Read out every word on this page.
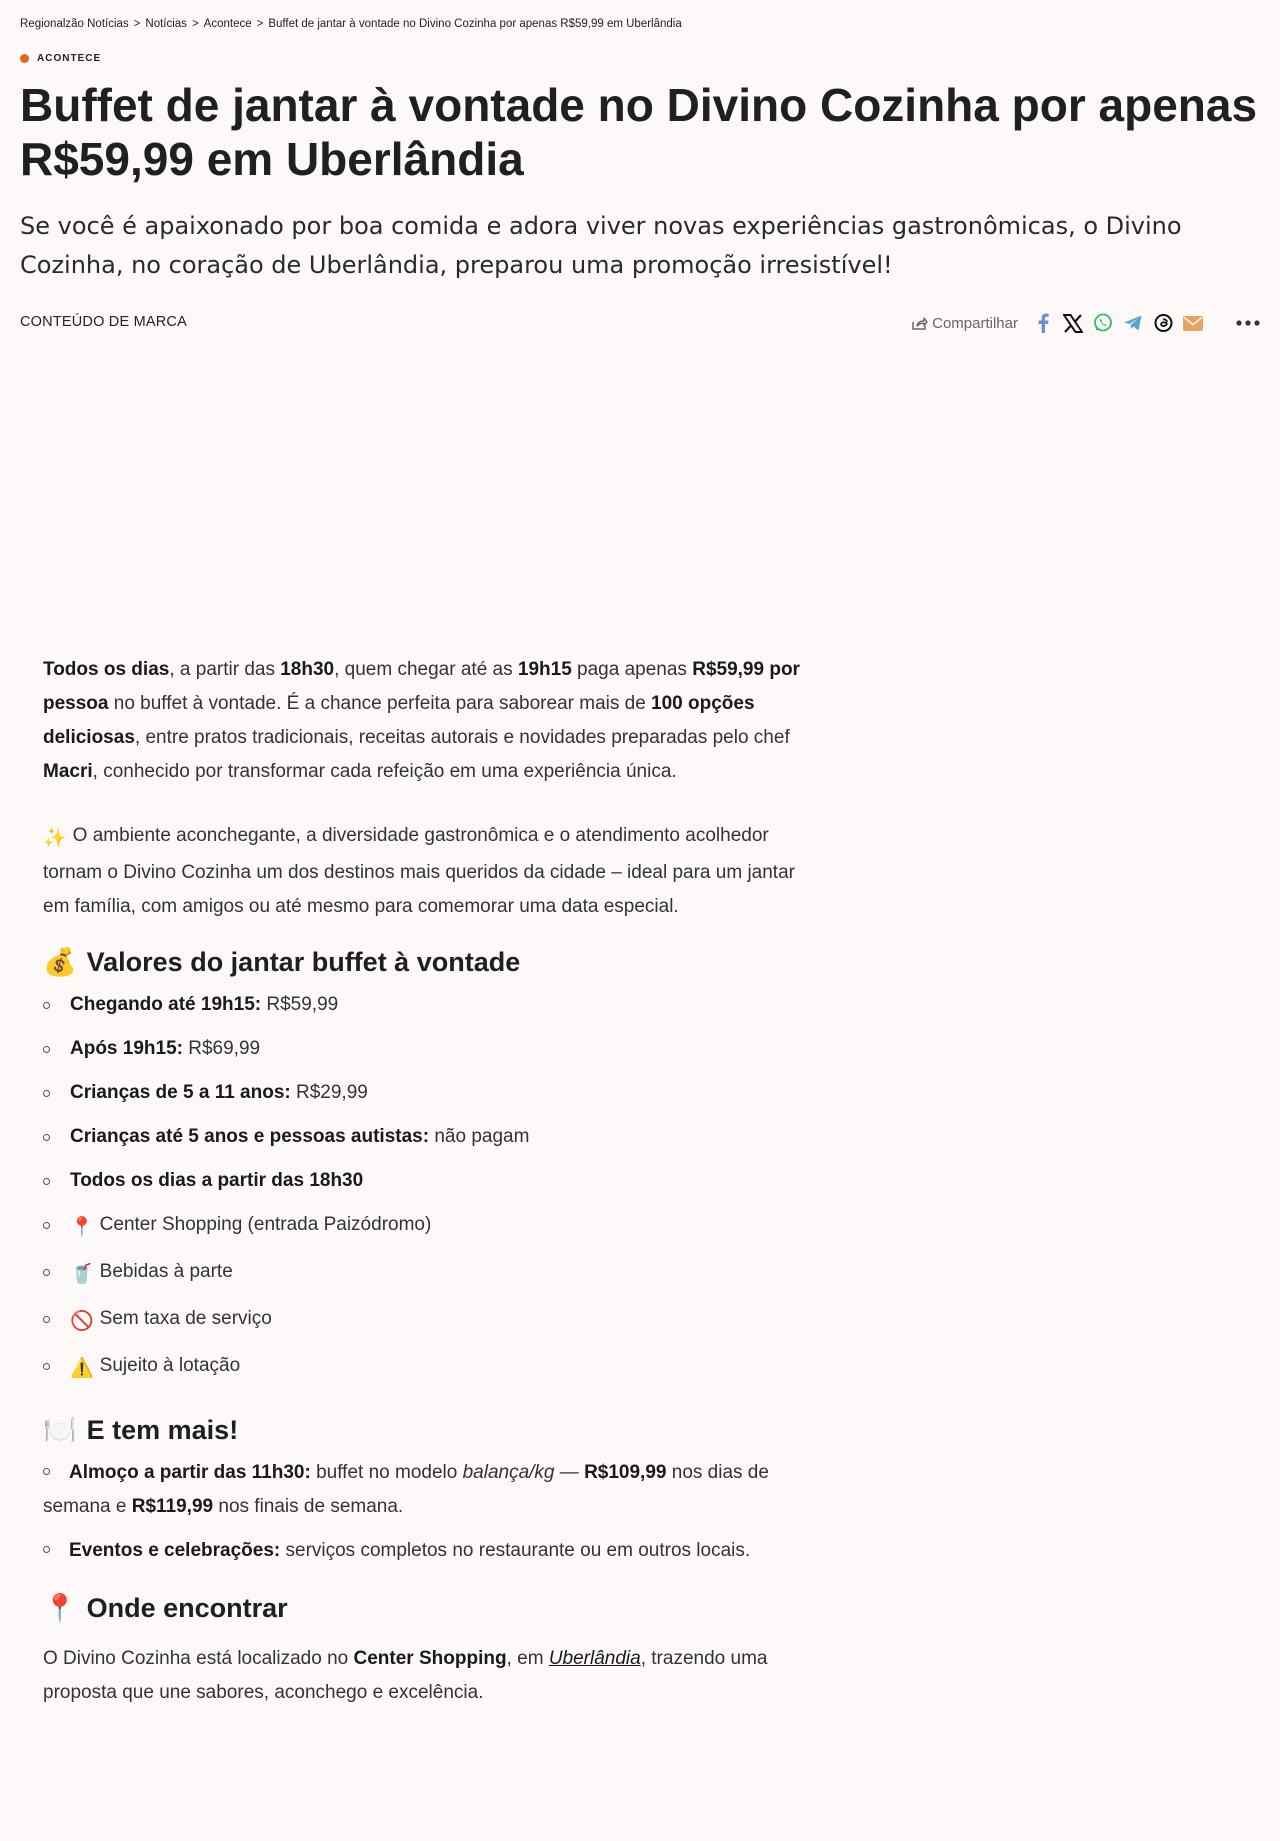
Regionalzão Notícias > Notícias > Acontece > Buffet de jantar à vontade no Divino Cozinha por apenas R$59,99 em Uberlândia
ACONTECE
Buffet de jantar à vontade no Divino Cozinha por apenas R$59,99 em Uberlândia

Se você é apaixonado por boa comida e adora viver novas experiências gastronômicas, o Divino Cozinha, no coração de Uberlândia, preparou uma promoção irresistível!

CONTEÚDO DE MARCA	Compartilhar

Todos os dias, a partir das 18h30, quem chegar até as 19h15 paga apenas R$59,99 por pessoa no buffet à vontade. É a chance perfeita para saborear mais de 100 opções deliciosas, entre pratos tradicionais, receitas autorais e novidades preparadas pelo chef Macri, conhecido por transformar cada refeição em uma experiência única.

✨ O ambiente aconchegante, a diversidade gastronômica e o atendimento acolhedor tornam o Divino Cozinha um dos destinos mais queridos da cidade – ideal para um jantar em família, com amigos ou até mesmo para comemorar uma data especial.

💰 Valores do jantar buffet à vontade
Chegando até 19h15: R$59,99
Após 19h15: R$69,99
Crianças de 5 a 11 anos: R$29,99
Crianças até 5 anos e pessoas autistas: não pagam
Todos os dias a partir das 18h30
📍 Center Shopping (entrada Paizódromo)
🥤 Bebidas à parte
🚫 Sem taxa de serviço
⚠️ Sujeito à lotação
🍽️ E tem mais!
Almoço a partir das 11h30: buffet no modelo balança/kg — R$109,99 nos dias de semana e R$119,99 nos finais de semana.
Eventos e celebrações: serviços completos no restaurante ou em outros locais.
📍 Onde encontrar

O Divino Cozinha está localizado no Center Shopping, em Uberlândia, trazendo uma proposta que une sabores, aconchego e excelência.
